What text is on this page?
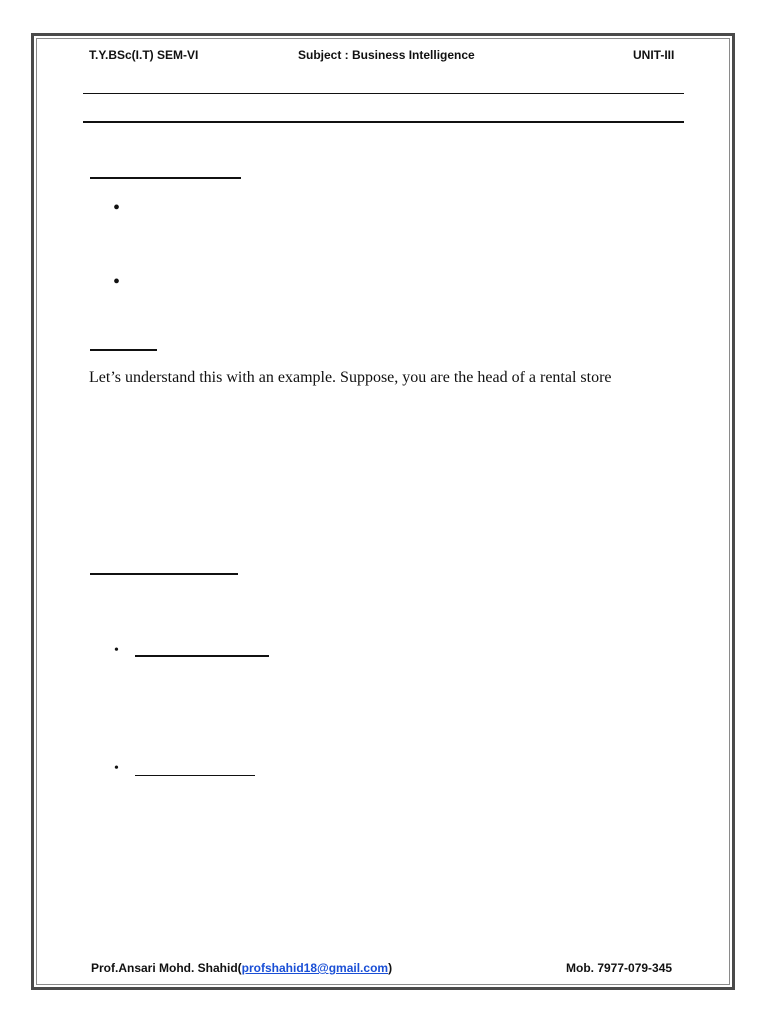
T.Y.BSc(I.T) SEM-VI	Subject : Business Intelligence	UNIT-III
•
•
Let’s understand this with an example. Suppose, you are the head of a rental store
•
•
Prof.Ansari Mohd. Shahid(profshahid18@gmail.com)	Mob. 7977-079-345
